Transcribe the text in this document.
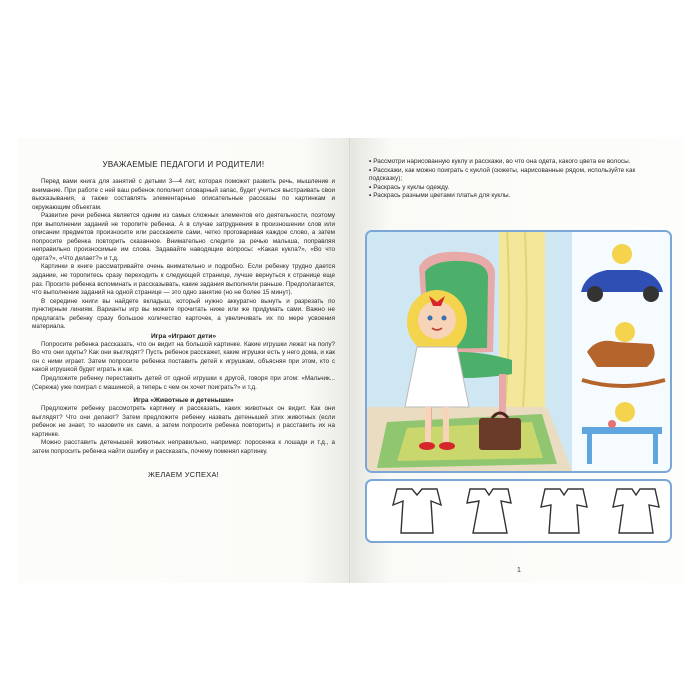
УВАЖАЕМЫЕ ПЕДАГОГИ И РОДИТЕЛИ!

Перед вами книга для занятий с детьми 3—4 лет, которая поможет развить речь, мышление и внимание. При работе с ней ваш ребенок пополнит словарный запас, будет учиться выстраивать свои высказывания, а также составлять элементарные описательные рассказы по картинкам и окружающим объектам.

Развитие речи ребенка является одним из самых сложных элементов его деятельности, поэтому при выполнении заданий не торопите ребенка. А в случае затруднения в произношении слов или описании предметов произносите или расскажите сами, четко проговаривая каждое слово, а затем попросите ребенка повторить сказанное. Внимательно следите за речью малыша, поправляя неправильно произносимые им слова. Задавайте наводящие вопросы: «Какая кукла?», «Во что одета?», «Что делает?» и т.д.

Картинки в книге рассматривайте очень внимательно и подробно. Если ребенку трудно дается задание, не торопитесь сразу переходить к следующей странице, лучше вернуться к странице еще раз. Просите ребенка вспоминать и рассказывать, какие задания выполняли раньше. Предполагается, что выполнение заданий на одной странице — это одно занятие (но не более 15 минут).

В середине книги вы найдете вкладыш, который нужно аккуратно вынуть и разрезать по пунктирным линиям. Варианты игр вы можете прочитать ниже или же придумать сами. Важно не предлагать ребенку сразу большое количество карточек, а увеличивать их по мере усвоения материала.

Игра «Играют дети»

Попросите ребенка рассказать, что он видит на большой картинке. Какие игрушки лежат на полу? Во что они одеты? Как они выглядят? Пусть ребенок расскажет, какие игрушки есть у него дома, и как он с ними играет. Затем попросите ребенка поставить детей к игрушкам, объясняя при этом, кто с какой игрушкой будет играть и как.

Предложите ребенку переставить детей от одной игрушки к другой, говоря при этом: «Мальчик... (Сережа) уже поиграл с машинкой, а теперь с чем он хочет поиграть?» и т.д.

Игра «Животные и детеныши»

Предложите ребенку рассмотреть картинку и рассказать, каких животных он видит. Как они выглядят? Что они делают? Затем предложите ребенку назвать детенышей этих животных (если ребенок не знает, то назовите их сами, а затем попросите ребенка повторить) и расставить их на картинке.

Можно расставить детенышей животных неправильно, например: поросенка к лошади и т.д., а затем попросить ребенка найти ошибку и рассказать, почему поменял картинку.

ЖЕЛАЕМ УСПЕХА!

• Рассмотри нарисованную куклу и расскажи, во что она одета, какого цвета ее волосы.

• Расскажи, как можно поиграть с куклой (сюжеты, нарисованные рядом, используйте как подсказку);

• Раскрась у куклы одежду.

• Раскрась разными цветами платья для куклы.

1
